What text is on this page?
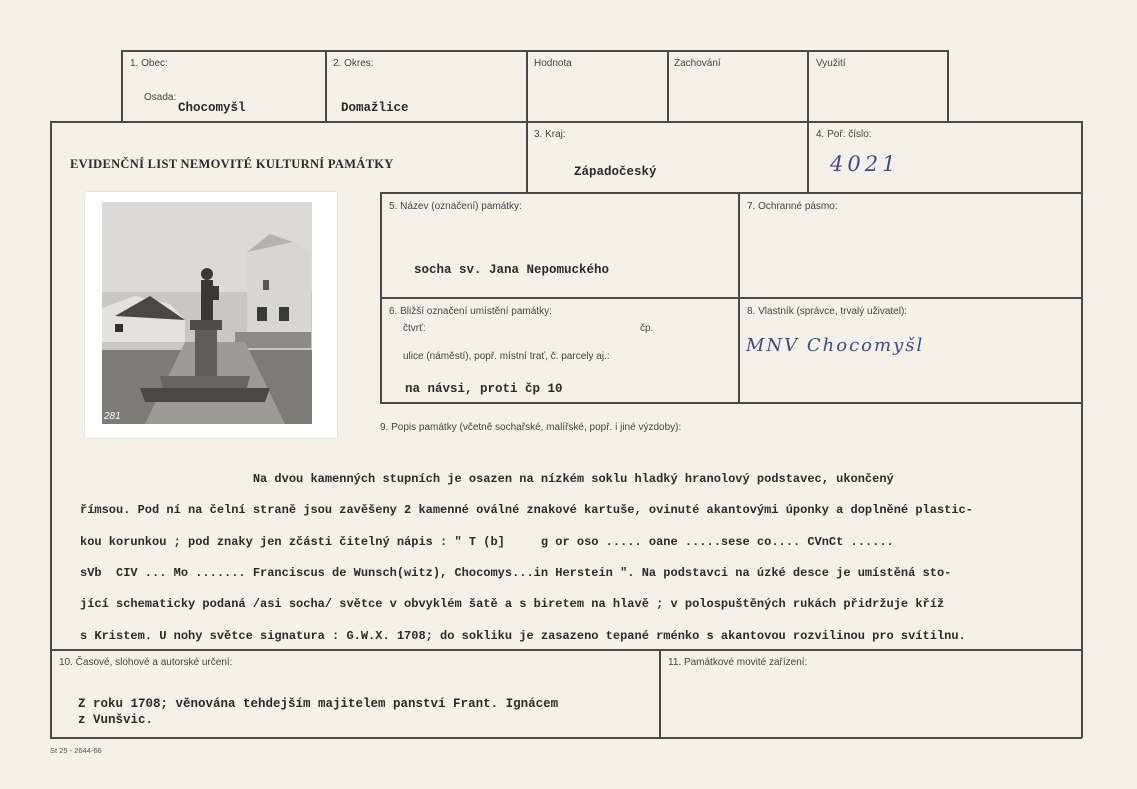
1. Obec:
Osada:
Chocomyšl
2. Okres:
Domažlice
Hodnota	Zachování	Využití
EVIDENČNÍ LIST NEMOVITÉ KULTURNÍ PAMÁTKY
3. Kraj:
Západočeský
4. Poř. číslo:
4021
281
5. Název (označení) památky:
socha sv. Jana Nepomuckého
7. Ochranné pásmo:
6. Bližší označení umístění památky:
čtvrť:	čp.
ulice (náměstí), popř. místní trať, č. parcely aj.:
na návsi, proti čp 10
8. Vlastník (správce, trvalý uživatel):
MNV Chocomyšl
9. Popis památky (včetně sochařské, malířské, popř. i jiné výzdoby):

Na dvou kamenných stupních je osazen na nízkém soklu hladký hranolový podstavec, ukončený

římsou. Pod ní na čelní straně jsou zavěšeny 2 kamenné oválné znakové kartuše, ovinuté akantovými úponky a doplněné plastic-

kou korunkou ; pod znaky jen zčásti čitelný nápis : " T (b]     g or oso ..... oane .....sese co.... CVnCt ......

sVb  CIV ... Mo ....... Franciscus de Wunsch(witz), Chocomys...in Herstein ". Na podstavci na úzké desce je umístěná sto-

jící schematicky podaná /asi socha/ světce v obvyklém šatě a s biretem na hlavě ; v polospuštěných rukách přidržuje kříž

s Kristem. U nohy světce signatura : G.W.X. 1708; do sokliku je zasazeno tepané rménko s akantovou rozvilinou pro svítilnu.

10. Časové, slohové a autorské určení:
Z roku 1708; věnována tehdejším majitelem panství Frant. Ignácem
z Vunšvic.
11. Památkové movité zařízení:
St 25 - 2644-66
